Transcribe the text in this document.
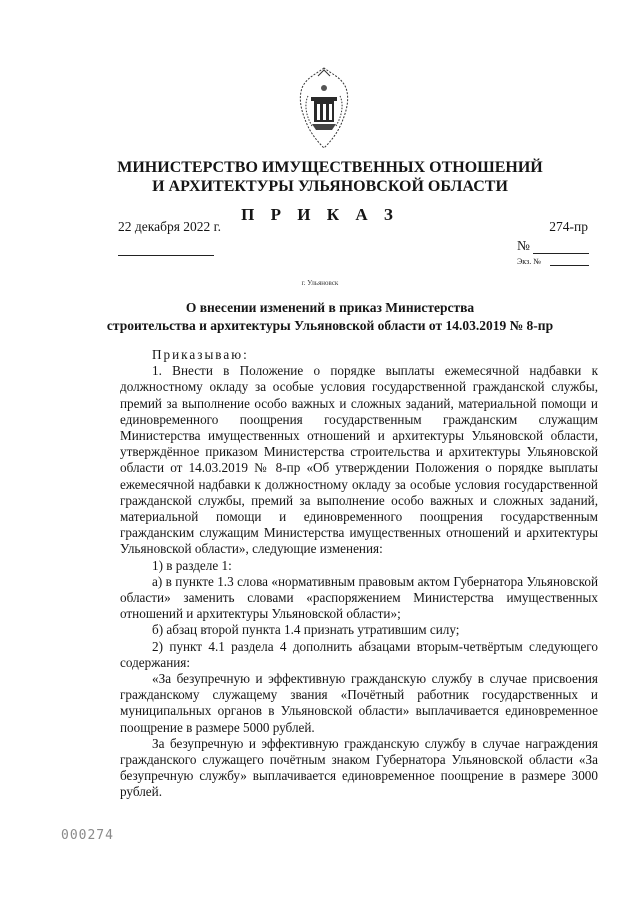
МИНИСТЕРСТВО ИМУЩЕСТВЕННЫХ ОТНОШЕНИЙ
И АРХИТЕКТУРЫ УЛЬЯНОВСКОЙ ОБЛАСТИ
П Р И К А З
22 декабря 2022 г.	274-пр
№
Экз. №
г. Ульяновск
О внесении изменений в приказ Министерства
строительства и архитектуры Ульяновской области от 14.03.2019 № 8-пр

Приказываю:

1. Внести в Положение о порядке выплаты ежемесячной надбавки к должностному окладу за особые условия государственной гражданской службы, премий за выполнение особо важных и сложных заданий, материальной помощи и единовременного поощрения государственным гражданским служащим Министерства имущественных отношений и архитектуры Ульяновской области, утверждённое приказом Министерства строительства и архитектуры Ульяновской области от 14.03.2019 № 8-пр «Об утверждении Положения о порядке выплаты ежемесячной надбавки к должностному окладу за особые условия государственной гражданской службы, премий за выполнение особо важных и сложных заданий, материальной помощи и единовременного поощрения государственным гражданским служащим Министерства имущественных отношений и архитектуры Ульяновской области», следующие изменения:

1) в разделе 1:

а) в пункте 1.3 слова «нормативным правовым актом Губернатора Ульяновской области» заменить словами «распоряжением Министерства имущественных отношений и архитектуры Ульяновской области»;

б) абзац второй пункта 1.4 признать утратившим силу;

2) пункт 4.1 раздела 4 дополнить абзацами вторым-четвёртым следующего содержания:

«За безупречную и эффективную гражданскую службу в случае присвоения гражданскому служащему звания «Почётный работник государственных и муниципальных органов в Ульяновской области» выплачивается единовременное поощрение в размере 5000 рублей.

За безупречную и эффективную гражданскую службу в случае награждения гражданского служащего почётным знаком Губернатора Ульяновской области «За безупречную службу» выплачивается единовременное поощрение в размере 3000 рублей.

000274
